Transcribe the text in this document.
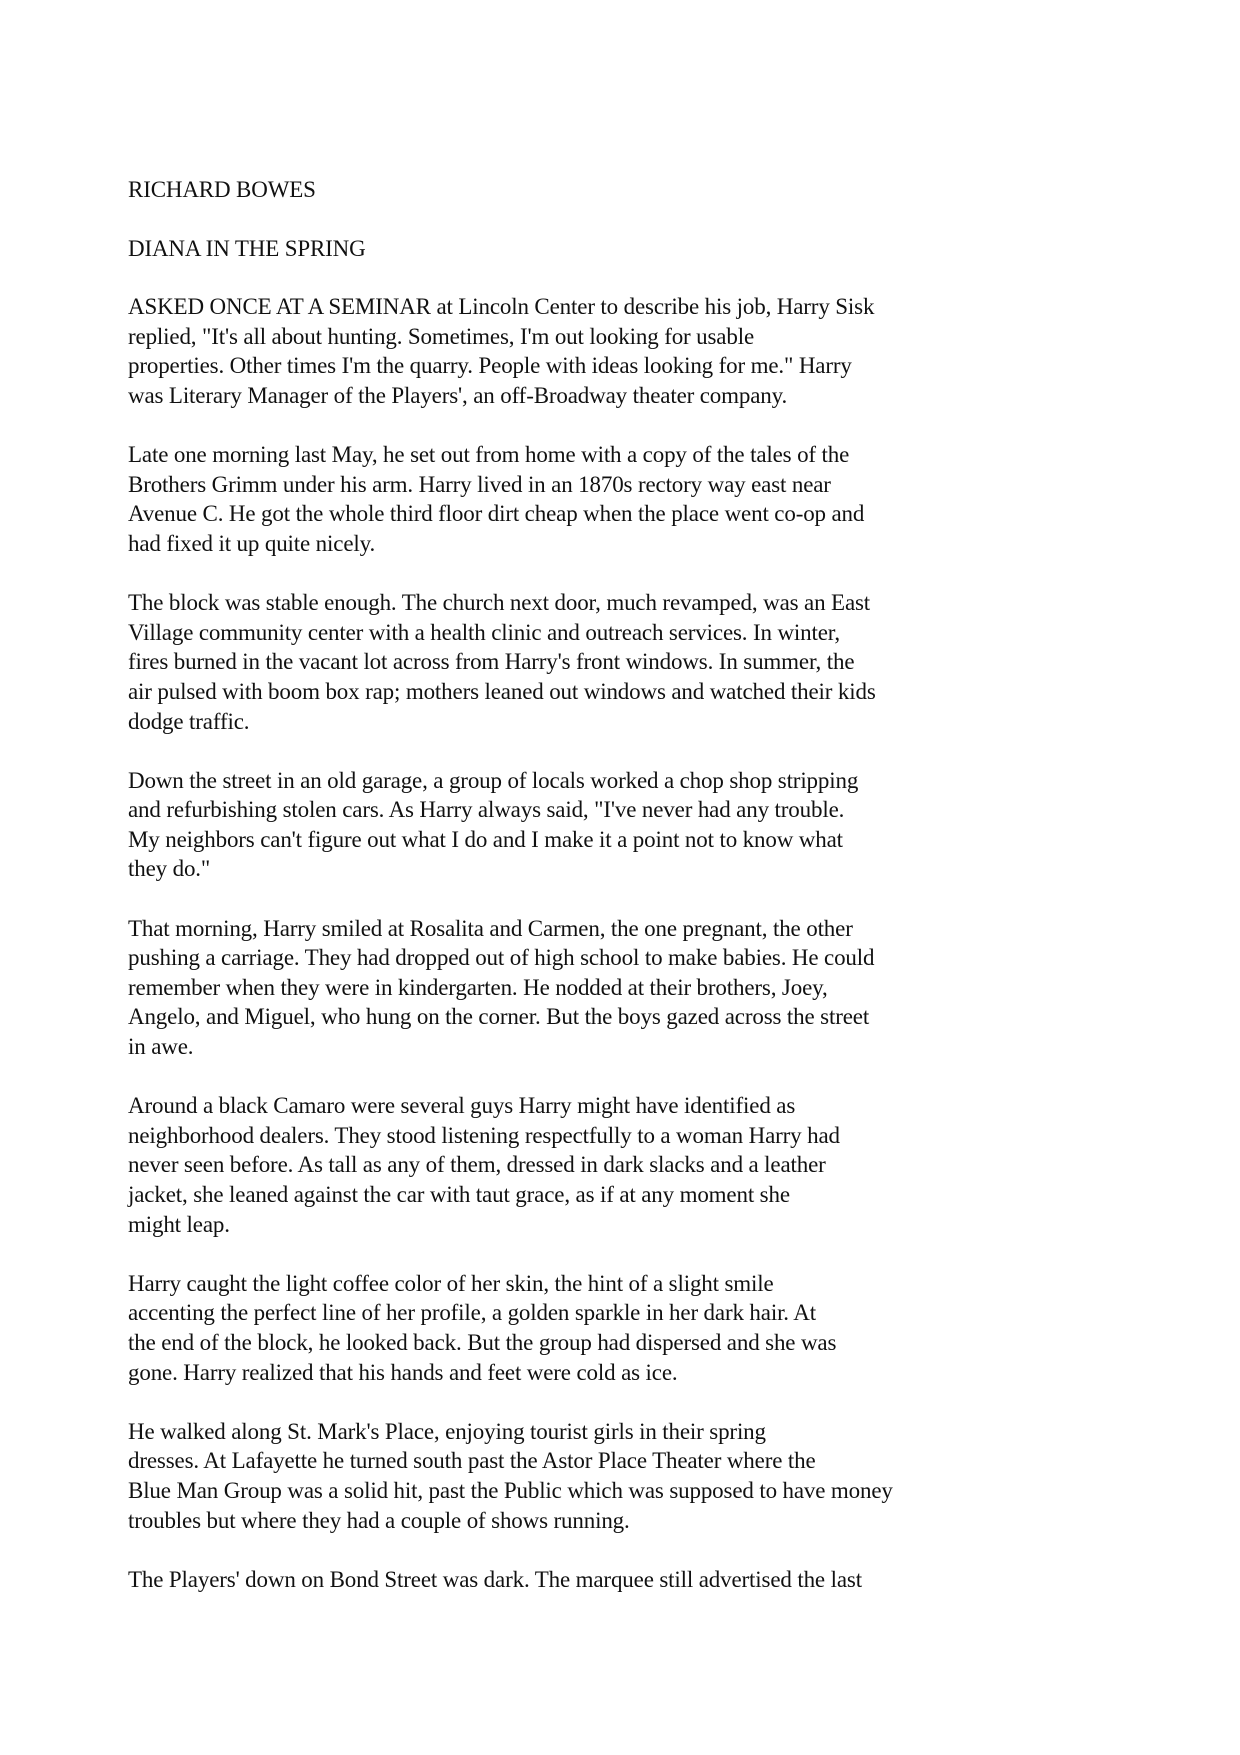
RICHARD BOWES
DIANA IN THE SPRING
ASKED ONCE AT A SEMINAR at Lincoln Center to describe his job, Harry Sisk
replied, "It's all about hunting. Sometimes, I'm out looking for usable
properties. Other times I'm the quarry. People with ideas looking for me." Harry
was Literary Manager of the Players', an off-Broadway theater company.
Late one morning last May, he set out from home with a copy of the tales of the
Brothers Grimm under his arm. Harry lived in an 1870s rectory way east near
Avenue C. He got the whole third floor dirt cheap when the place went co-op and
had fixed it up quite nicely.
The block was stable enough. The church next door, much revamped, was an East
Village community center with a health clinic and outreach services. In winter,
fires burned in the vacant lot across from Harry's front windows. In summer, the
air pulsed with boom box rap; mothers leaned out windows and watched their kids
dodge traffic.
Down the street in an old garage, a group of locals worked a chop shop stripping
and refurbishing stolen cars. As Harry always said, "I've never had any trouble.
My neighbors can't figure out what I do and I make it a point not to know what
they do."
That morning, Harry smiled at Rosalita and Carmen, the one pregnant, the other
pushing a carriage. They had dropped out of high school to make babies. He could
remember when they were in kindergarten. He nodded at their brothers, Joey,
Angelo, and Miguel, who hung on the corner. But the boys gazed across the street
in awe.
Around a black Camaro were several guys Harry might have identified as
neighborhood dealers. They stood listening respectfully to a woman Harry had
never seen before. As tall as any of them, dressed in dark slacks and a leather
jacket, she leaned against the car with taut grace, as if at any moment she
might leap.
Harry caught the light coffee color of her skin, the hint of a slight smile
accenting the perfect line of her profile, a golden sparkle in her dark hair. At
the end of the block, he looked back. But the group had dispersed and she was
gone. Harry realized that his hands and feet were cold as ice.
He walked along St. Mark's Place, enjoying tourist girls in their spring
dresses. At Lafayette he turned south past the Astor Place Theater where the
Blue Man Group was a solid hit, past the Public which was supposed to have money
troubles but where they had a couple of shows running.
The Players' down on Bond Street was dark. The marquee still advertised the last
